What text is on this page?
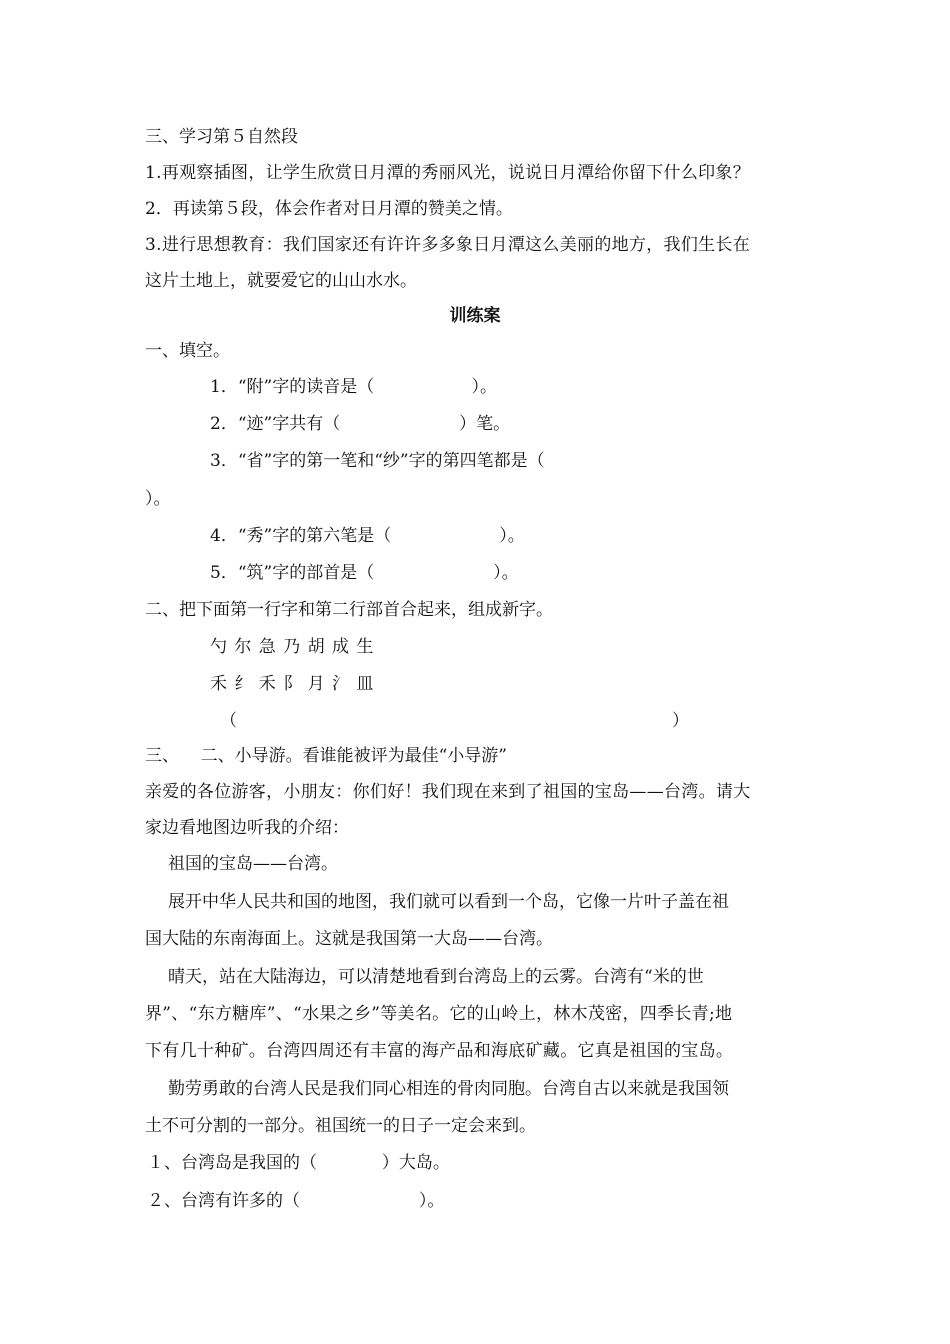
三、学习第５自然段
1.再观察插图，让学生欣赏日月潭的秀丽风光，说说日月潭给你留下什么印象？
2．再读第５段，体会作者对日月潭的赞美之情。
3.进行思想教育：我们国家还有许许多多象日月潭这么美丽的地方，我们生长在
这片土地上，就要爱它的山山水水。
训练案
一、填空。
1．“附”字的读音是（                  ）。
2．“迹”字共有（                      ）笔。
3．“省”字的第一笔和“纱”字的第四笔都是（
）。
4．“秀”字的第六笔是（                    ）。
5．“筑”字的部首是（                      ）。
二、把下面第一行字和第二行部首合起来，组成新字。
勺 尔 急 乃 胡 成 生
禾 纟 禾 阝 月 氵 皿
（	）
三、    二、小导游。看谁能被评为最佳“小导游”
亲爱的各位游客，小朋友：你们好！我们现在来到了祖国的宝岛——台湾。请大
家边看地图边听我的介绍：
祖国的宝岛——台湾。
展开中华人民共和国的地图，我们就可以看到一个岛，它像一片叶子盖在祖
国大陆的东南海面上。这就是我国第一大岛——台湾。
晴天，站在大陆海边，可以清楚地看到台湾岛上的云雾。台湾有“米的世
界”、“东方糖库”、“水果之乡”等美名。它的山岭上，林木茂密，四季长青;地
下有几十种矿。台湾四周还有丰富的海产品和海底矿藏。它真是祖国的宝岛。
勤劳勇敢的台湾人民是我们同心相连的骨肉同胞。台湾自古以来就是我国领
土不可分割的一部分。祖国统一的日子一定会来到。
１、台湾岛是我国的（            ）大岛。
２、台湾有许多的（                      ）。
